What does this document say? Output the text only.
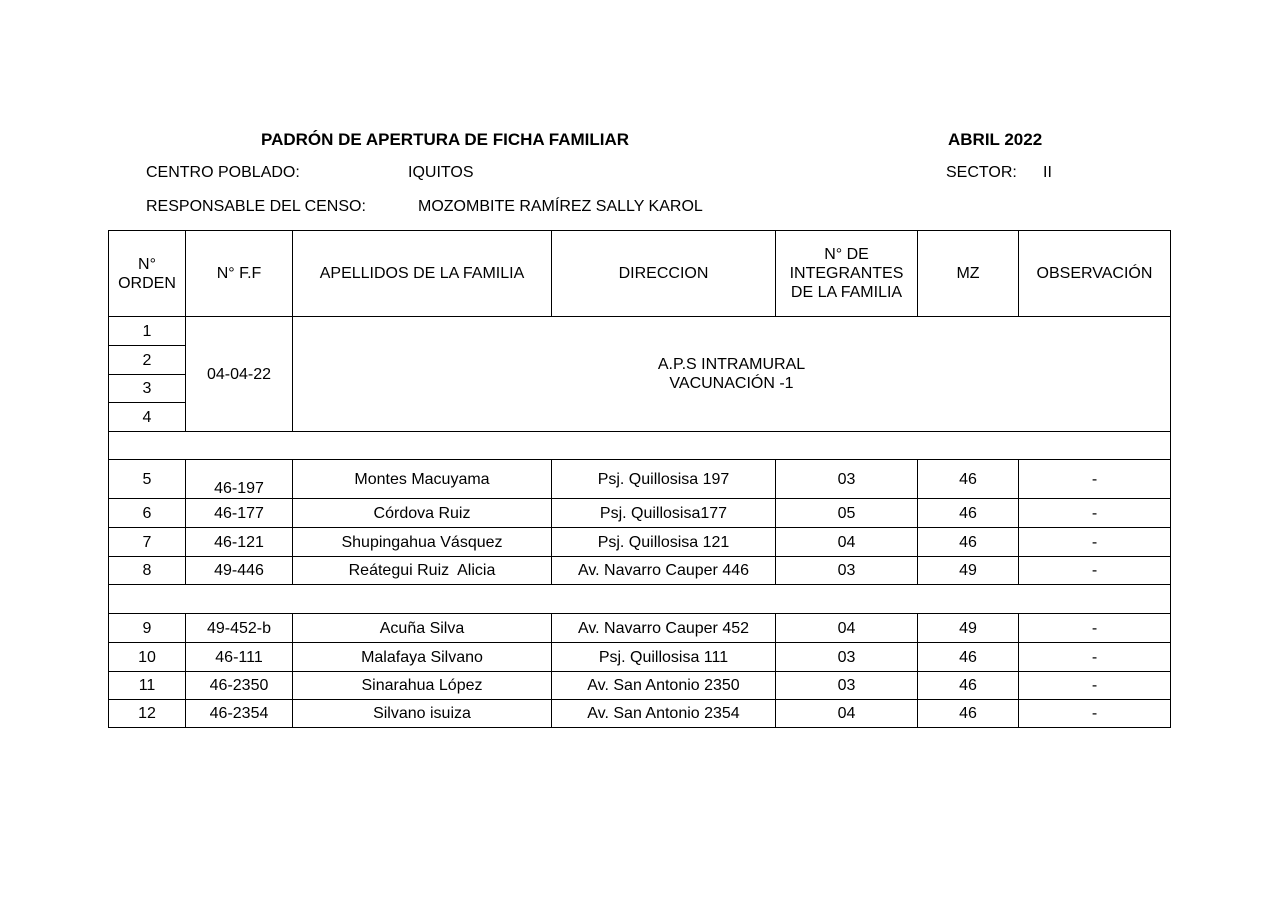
PADRÓN DE APERTURA DE FICHA FAMILIAR	ABRIL 2022
CENTRO POBLADO:	IQUITOS	SECTOR: II
RESPONSABLE DEL CENSO:	MOZOMBITE RAMÍREZ SALLY KAROL
N°
ORDEN	N° F.F	APELLIDOS DE LA FAMILIA	DIRECCION	N° DE
INTEGRANTES
DE LA FAMILIA	MZ	OBSERVACIÓN
1	04-04-22	A.P.S INTRAMURAL
VACUNACIÓN -1				
2						
3						
4						

5	46-197	Montes Macuyama	Psj. Quillosisa 197	03	46	-
6	46-177	Córdova Ruiz	Psj. Quillosisa177	05	46	-
7	46-121	Shupingahua Vásquez	Psj. Quillosisa 121	04	46	-
8	49-446	Reátegui Ruiz  Alicia	Av. Navarro Cauper 446	03	49	-

9	49-452-b	Acuña Silva	Av. Navarro Cauper 452	04	49	-
10	46-111	Malafaya Silvano	Psj. Quillosisa 111	03	46	-
11	46-2350	Sinarahua López	Av. San Antonio 2350	03	46	-
12	46-2354	Silvano isuiza	Av. San Antonio 2354	04	46	-
